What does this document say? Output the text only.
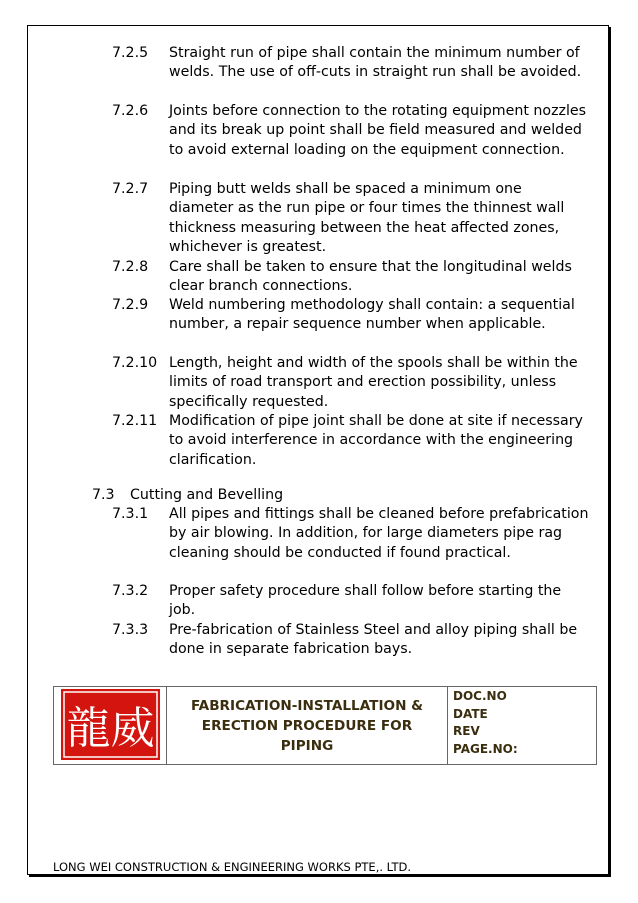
7.2.5 Straight run of pipe shall contain the minimum number of welds. The use of off-cuts in straight run shall be avoided.
7.2.6 Joints before connection to the rotating equipment nozzles and its break up point shall be field measured and welded to avoid external loading on the equipment connection.
7.2.7 Piping butt welds shall be spaced a minimum one diameter as the run pipe or four times the thinnest wall thickness measuring between the heat affected zones, whichever is greatest.
7.2.8 Care shall be taken to ensure that the longitudinal welds clear branch connections.
7.2.9 Weld numbering methodology shall contain: a sequential number, a repair sequence number when applicable.
7.2.10 Length, height and width of the spools shall be within the limits of road transport and erection possibility, unless specifically requested.
7.2.11 Modification of pipe joint shall be done at site if necessary to avoid interference in accordance with the engineering clarification.
7.3 Cutting and Bevelling
7.3.1 All pipes and fittings shall be cleaned before prefabrication by air blowing. In addition, for large diameters pipe rag cleaning should be conducted if found practical.
7.3.2 Proper safety procedure shall follow before starting the job.
7.3.3 Pre-fabrication of Stainless Steel and alloy piping shall be done in separate fabrication bays.
龍威	FABRICATION-INSTALLATION & ERECTION PROCEDURE FOR PIPING
DOC.NO
DATE
REV
PAGE.NO:
LONG WEI CONSTRUCTION & ENGINEERING WORKS PTE,. LTD.
